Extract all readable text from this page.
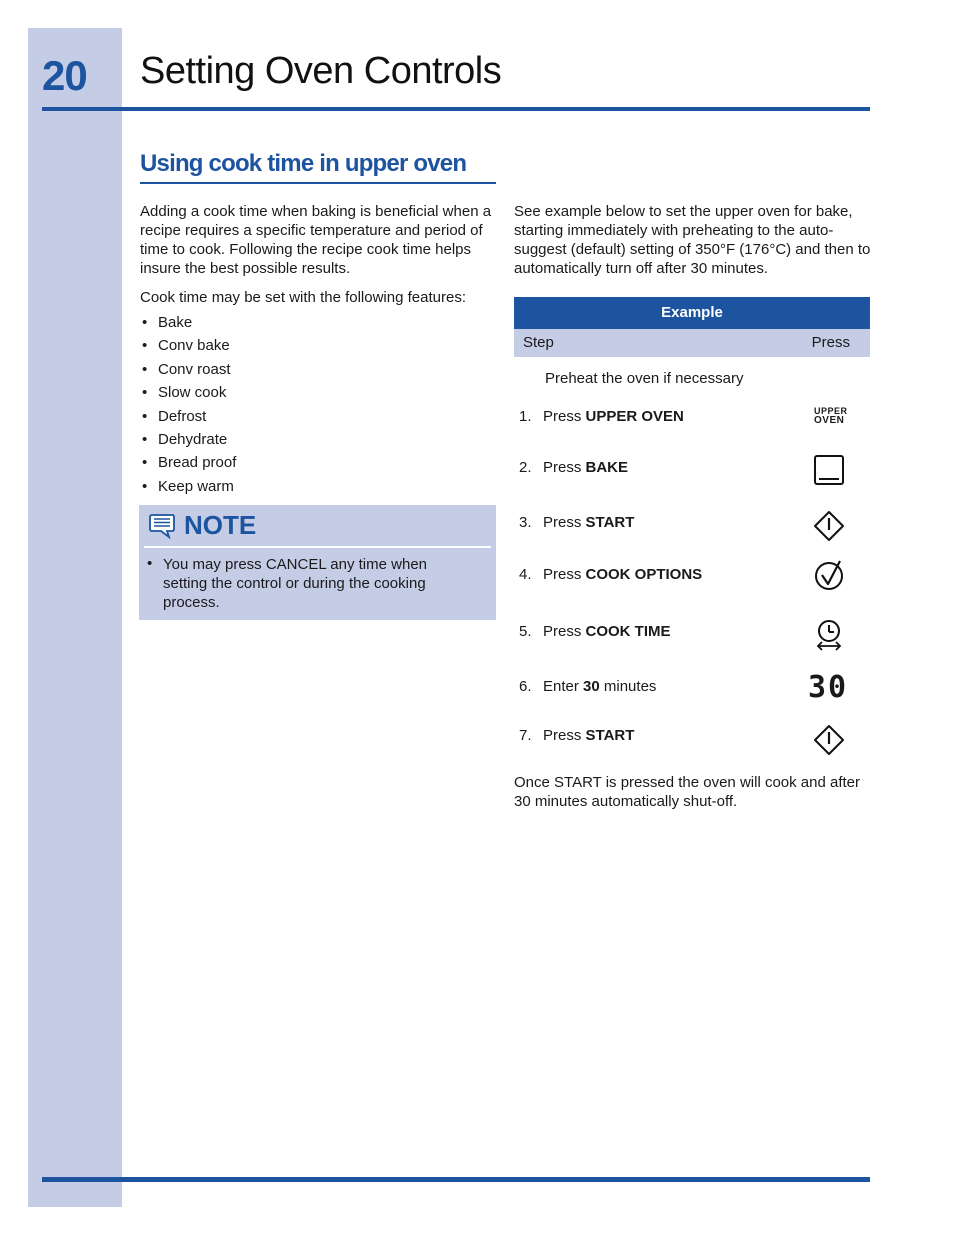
20 Setting Oven Controls
Using cook time in upper oven

Adding a cook time when baking is beneficial when a recipe requires a specific temperature and period of time to cook. Following the recipe cook time helps insure the best possible results.

Cook time may be set with the following features:

• Bake
• Conv bake
• Conv roast
• Slow cook
• Defrost
• Dehydrate
• Bread proof
• Keep warm
NOTE
• You may press CANCEL any time when setting the control or during the cooking process.
See example below to set the upper oven for bake, starting immediately with preheating to the auto-suggest (default) setting of 350°F (176°C) and then to automatically turn off after 30 minutes.
Example
Step	Press
Preheat the oven if necessary
1. Press UPPER OVEN	UPPER
OVEN
2. Press BAKE
3. Press START
4. Press COOK OPTIONS
5. Press COOK TIME
6. Enter 30 minutes	30
7. Press START
Once START is pressed the oven will cook and after 30 minutes automatically shut-off.
